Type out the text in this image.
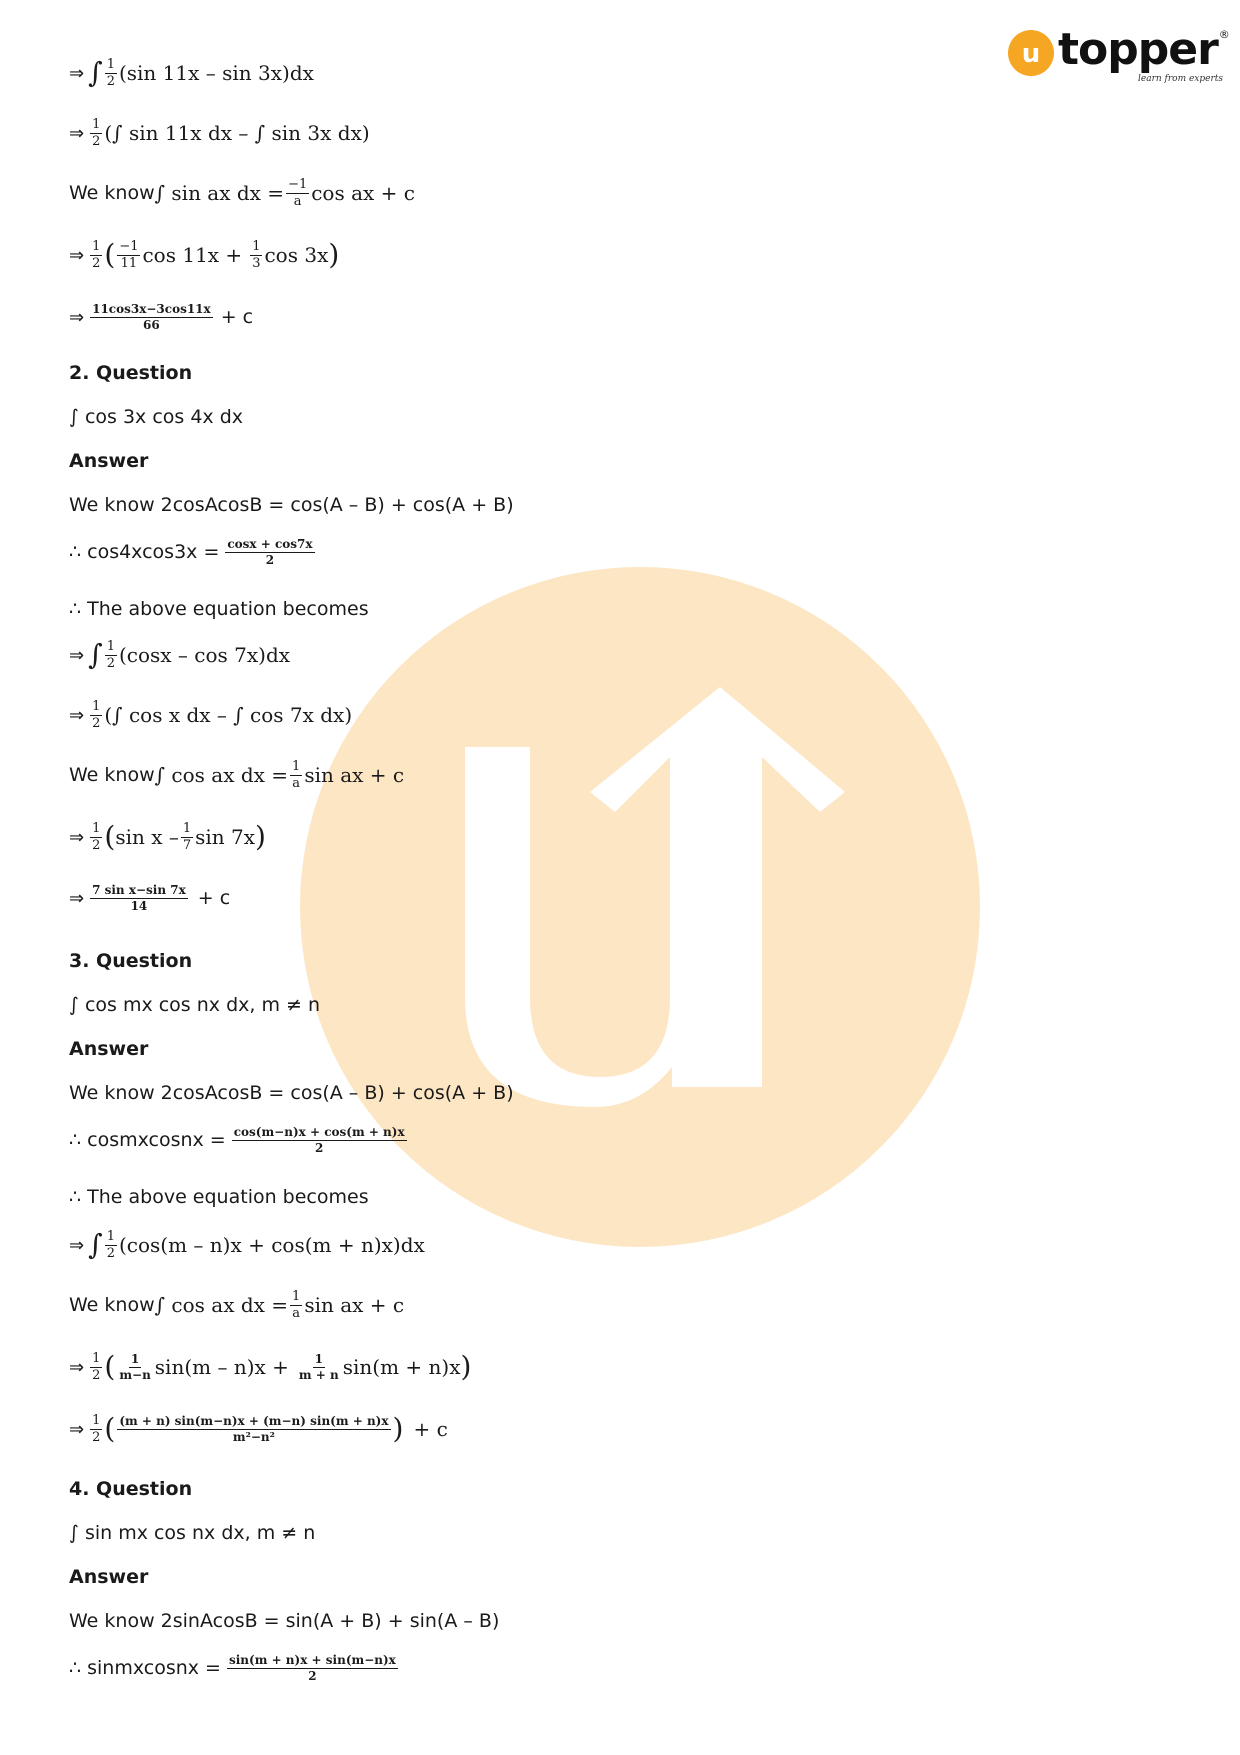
u topper ®
learn from experts
⇒ ∫ $\frac{1}{2} (\sin$ 11x – sin 3x)dx
⇒ $\frac{1}{2}$ (∫ sin 11x dx – ∫ sin 3x dx)
We know ∫ sin ax dx = $\frac{-1}{a}$ cos ax + c
⇒ $\frac{1}{2}$ ( $\frac{-1}{11}$ $\cos 11x + \frac{1}{3}$ cos 3x )
⇒ $\frac{11\cos 3x-3\cos 11x}{66} + c$
2. Question
∫ cos 3x cos 4x dx
Answer
We know 2cosAcosB = cos(A – B) + cos(A + B)
∴ $\cos 4xcos3x = \frac{\cos x + \cos 7x}{2}$
∴ The above equation becomes
⇒ ∫ $\frac{1}{2} (\cos x$ – cos 7x)dx
⇒ $\frac{1}{2}$ (∫ cos x dx – ∫ cos 7x dx)
We know ∫ cos ax dx = $\frac{1}{a}$ sin ax + c
⇒ $\frac{1}{2}$ ( sin x – $\frac{1}{7}$ sin 7x )
⇒ $\frac{\text{7 sin x−sin 7x}}{14} + c$
3. Question
∫ cos mx cos nx dx, m ≠ n
Answer
We know 2cosAcosB = cos(A – B) + cos(A + B)
∴ cosmxcosnx = $\frac{\cos(m-n)x + \cos(m + n)x}{2}$
∴ The above equation becomes
⇒ ∫ $\frac{1}{2} (\cos(m - n)x + \cos(m + n)x)dx$
We know ∫ cos ax dx = $\frac{1}{a}$ sin ax + c
⇒ $\frac{1}{2}$ ( $\frac{1}{m-n} \sin(m - n)x + \frac{1}{m + n} \sin(m + n)x$ )
⇒ $\frac{1}{2}$ ( $\frac{(m + n) \sin(m-n)x + (m-n) \sin(m + n)x}{\text{m²−n²}}$ ) + c
4. Question
∫ sin mx cos nx dx, m ≠ n
Answer
We know 2sinAcosB = sin(A + B) + sin(A – B)
∴ sinmxcosnx = $\frac{\sin(m + n)x + \sin(m-n)x}{2}$
